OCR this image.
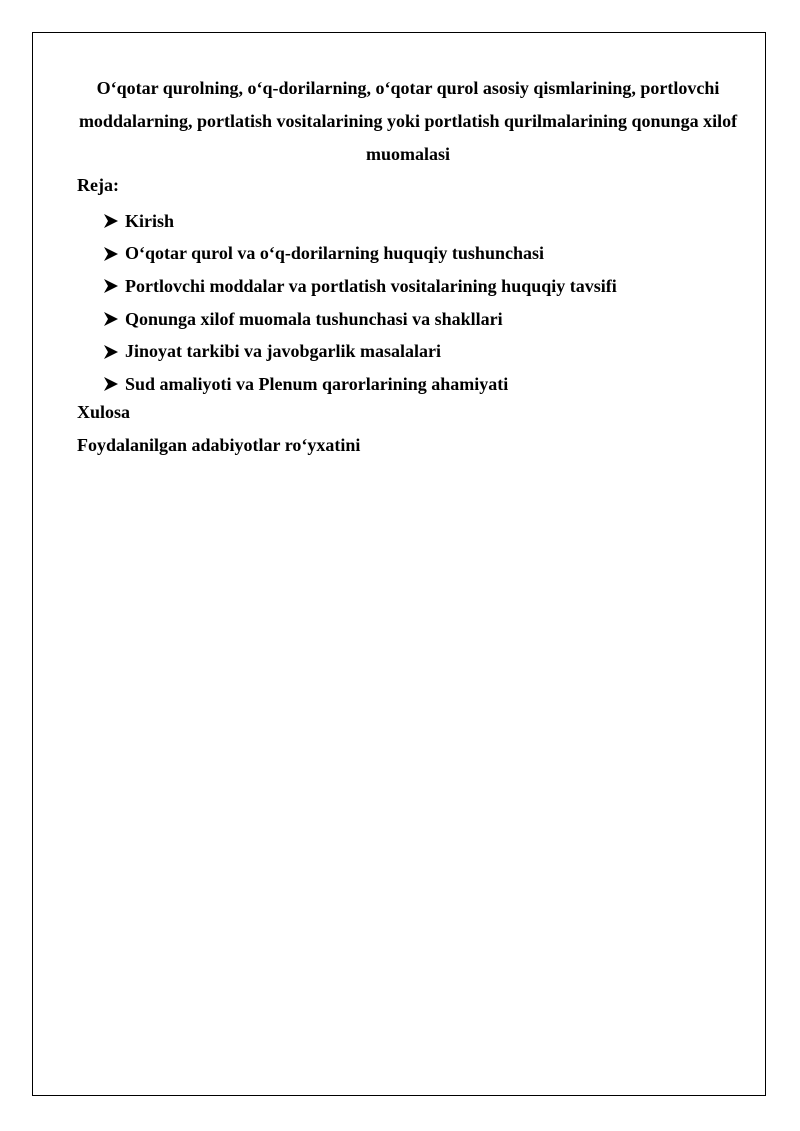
O‘qotar qurolning, o‘q-dorilarning, o‘qotar qurol asosiy qismlarining, portlovchi moddalarning, portlatish vositalarining yoki portlatish qurilmalarining qonunga xilof muomalasi

Reja:

Kirish
O‘qotar qurol va o‘q-dorilarning huquqiy tushunchasi
Portlovchi moddalar va portlatish vositalarining huquqiy tavsifi
Qonunga xilof muomala tushunchasi va shakllari
Jinoyat tarkibi va javobgarlik masalalari
Sud amaliyoti va Plenum qarorlarining ahamiyati

Xulosa

Foydalanilgan adabiyotlar ro‘yxatini
